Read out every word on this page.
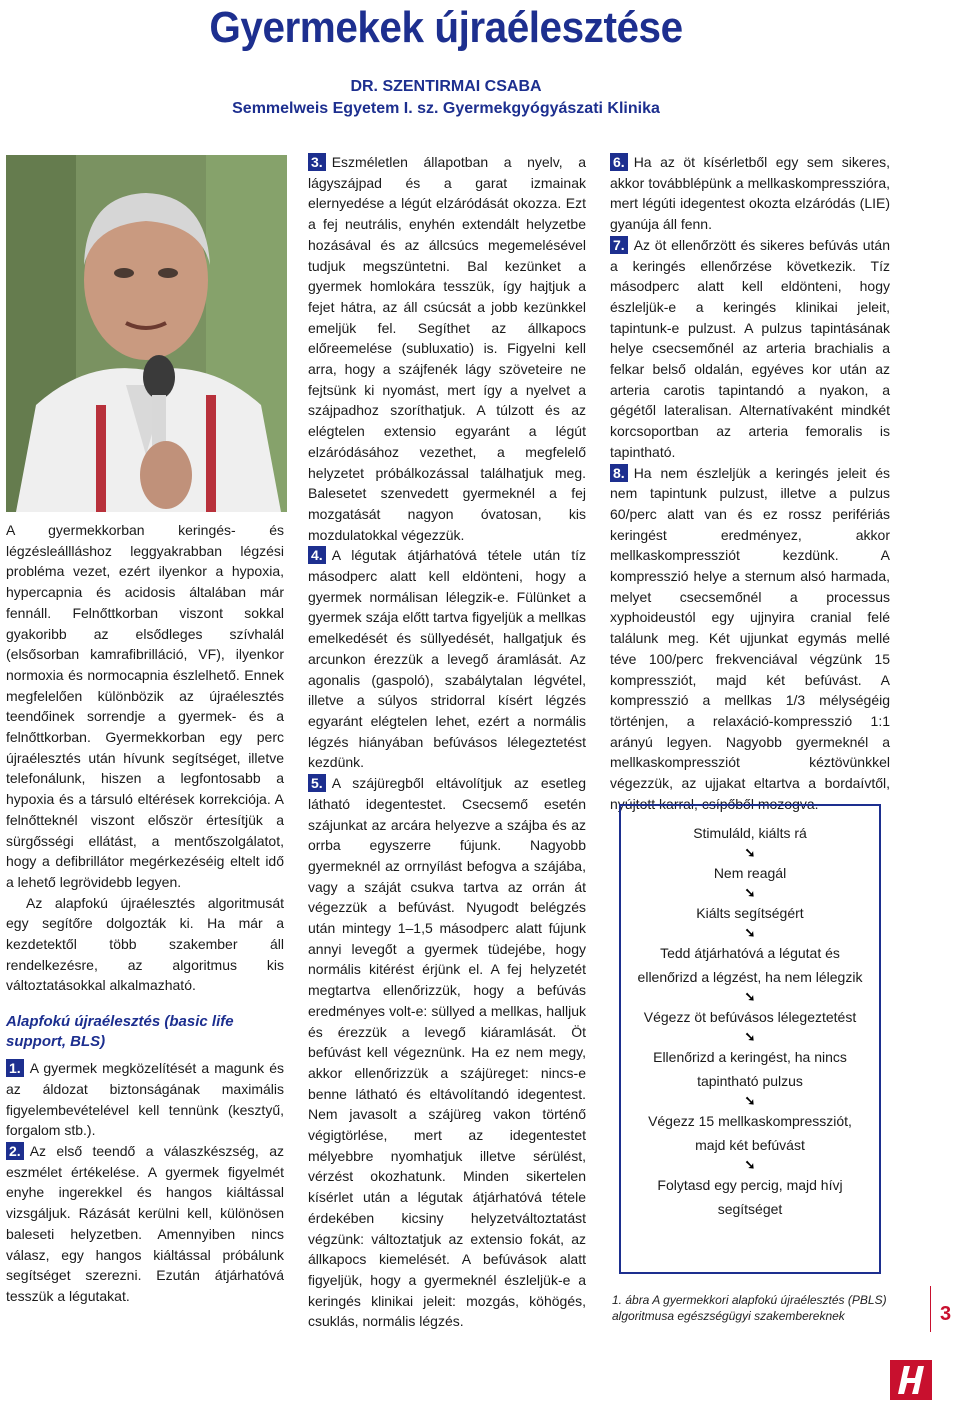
Gyermekek újraélesztése
DR. SZENTIRMAI CSABA
Semmelweis Egyetem I. sz. Gyermekgyógyászati Klinika

A gyermekkorban keringés- és légzésleállláshoz leggyakrabban légzési probléma vezet, ezért ilyenkor a hypoxia, hypercapnia és acidosis általában már fennáll. Felnőttkorban viszont sokkal gyakoribb az elsődleges szívhalál (elsősorban kamrafibrilláció, VF), ilyenkor normoxia és normocapnia észlelhető. Ennek megfelelően különbözik az újraélesztés teendőinek sorrendje a gyermek- és a felnőttkorban. Gyermekkorban egy perc újraélesztés után hívunk segítséget, illetve telefonálunk, hiszen a legfontosabb a hypoxia és a társuló eltérések korrekciója. A felnőtteknél viszont először értesítjük a sürgősségi ellátást, a mentőszolgálatot, hogy a defibrillátor megérkezéséig eltelt idő a lehető legrövidebb legyen.

Az alapfokú újraélesztés algoritmusát egy segítőre dolgozták ki. Ha már a kezdetektől több szakember áll rendelkezésre, az algoritmus kis változtatásokkal alkalmazható.

Alapfokú újraélesztés (basic life support, BLS)

1. A gyermek megközelítését a magunk és az áldozat biztonságának maximális figyelembevételével kell tennünk (kesztyű, forgalom stb.).

2. Az első teendő a válaszkészség, az eszmélet értékelése. A gyermek figyelmét enyhe ingerekkel és hangos kiáltással vizsgáljuk. Rázását kerülni kell, különösen baleseti helyzetben. Amennyiben nincs válasz, egy hangos kiáltással próbálunk segítséget szerezni. Ezután átjárhatóvá tesszük a légutakat.

3. Eszméletlen állapotban a nyelv, a lágyszájpad és a garat izmainak elernyedése a légút elzáródását okozza. Ezt a fej neutrális, enyhén extendált helyzetbe hozásával és az állcsúcs megemelésével tudjuk megszüntetni. Bal kezünket a gyermek homlokára tesszük, így hajtjuk a fejet hátra, az áll csúcsát a jobb kezünkkel emeljük fel. Segíthet az állkapocs előreemelése (subluxatio) is. Figyelni kell arra, hogy a szájfenék lágy szöveteire ne fejtsünk ki nyomást, mert így a nyelvet a szájpadhoz szoríthatjuk. A túlzott és az elégtelen extensio egyaránt a légút elzáródásához vezethet, a megfelelő helyzetet próbálkozással találhatjuk meg. Balesetet szenvedett gyermeknél a fej mozgatását nagyon óvatosan, kis mozdulatokkal végezzük.

4. A légutak átjárhatóvá tétele után tíz másodperc alatt kell eldönteni, hogy a gyermek normálisan lélegzik-e. Fülünket a gyermek szája előtt tartva figyeljük a mellkas emelkedését és süllyedését, hallgatjuk és arcunkon érezzük a levegő áramlását. Az agonalis (gaspoló), szabálytalan légvétel, illetve a súlyos stridorral kísért légzés egyaránt elégtelen lehet, ezért a normális légzés hiányában befúvásos lélegeztetést kezdünk.

5. A szájüregből eltávolítjuk az esetleg látható idegentestet. Csecsemő esetén szájunkat az arcára helyezve a szájba és az orrba egyszerre fújunk. Nagyobb gyermeknél az orrnyílást befogva a szájába, vagy a száját csukva tartva az orrán át végezzük a befúvást. Nyugodt belégzés után mintegy 1–1,5 másodperc alatt fújunk annyi levegőt a gyermek tüdejébe, hogy normális kitérést érjünk el. A fej helyzetét megtartva ellenőrizzük, hogy a befúvás eredményes volt-e: süllyed a mellkas, halljuk és érezzük a levegő kiáramlását. Öt befúvást kell végeznünk. Ha ez nem megy, akkor ellenőrizzük a szájüreget: nincs-e benne látható és eltávolítandó idegentest. Nem javasolt a szájüreg vakon történő végigtörlése, mert az idegentestet mélyebbre nyomhatjuk illetve sérülést, vérzést okozhatunk. Minden sikertelen kísérlet után a légutak átjárhatóvá tétele érdekében kicsiny helyzetváltoztatást végzünk: változtatjuk az extensio fokát, az állkapocs kiemelését. A befúvások alatt figyeljük, hogy a gyermeknél észleljük-e a keringés klinikai jeleit: mozgás, köhögés, csuklás, normális légzés.

6. Ha az öt kísérletből egy sem sikeres, akkor továbblépünk a mellkaskompresszióra, mert légúti idegentest okozta elzáródás (LIE) gyanúja áll fenn.

7. Az öt ellenőrzött és sikeres befúvás után a keringés ellenőrzése következik. Tíz másodperc alatt kell eldönteni, hogy észleljük-e a keringés klinikai jeleit, tapintunk-e pulzust. A pulzus tapintásának helye csecsemőnél az arteria brachialis a felkar belső oldalán, egyéves kor után az arteria carotis tapintandó a nyakon, a gégétől lateralisan. Alternatívaként mindkét korcsoportban az arteria femoralis is tapintható.

8. Ha nem észleljük a keringés jeleit és nem tapintunk pulzust, illetve a pulzus 60/perc alatt van és ez rossz perifériás keringést eredményez, akkor mellkaskompressziót kezdünk. A kompresszió helye a sternum alsó harmada, melyet csecsemőnél a processus xyphoideustól egy ujjnyira cranial felé találunk meg. Két ujjunkat egymás mellé téve 100/perc frekvenciával végzünk 15 kompressziót, majd két befúvást. A kompresszió a mellkas 1/3 mélységéig történjen, a relaxáció-kompresszió 1:1 arányú legyen. Nagyobb gyermeknél a mellkaskompressziót kéztövünkkel végezzük, az ujjakat eltartva a bordaívtől, nyújtott karral, csípőből mozogva.

Stimuláld, kiálts rá
➘
Nem reagál
➘
Kiálts segítségért
➘
Tedd átjárhatóvá a légutat és ellenőrizd a légzést, ha nem lélegzik
➘
Végezz öt befúvásos lélegeztetést
➘
Ellenőrizd a keringést, ha nincs tapintható pulzus
➘
Végezz 15 mellkaskompressziót, majd két befúvást
➘
Folytasd egy percig, majd hívj segítséget
1. ábra A gyermekkori alapfokú újraélesztés (PBLS) algoritmusa egészségügyi szakembereknek	3
